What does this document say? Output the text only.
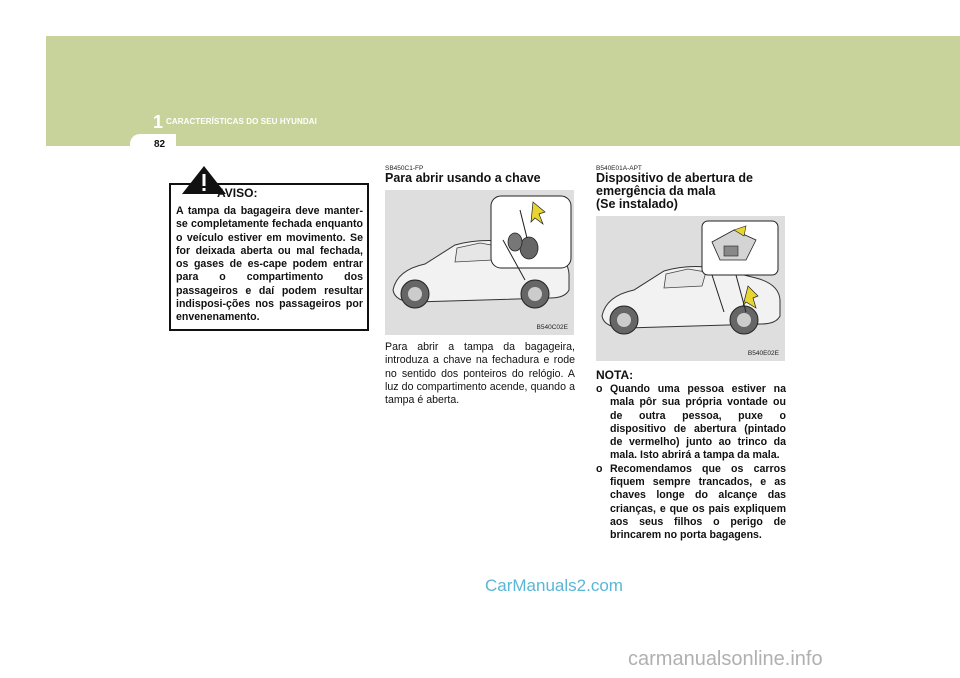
1 CARACTERÍSTICAS DO SEU HYUNDAI
82
A tampa da bagageira deve manter-se completamente fechada enquanto o veículo estiver em movimento. Se for deixada aberta ou mal fechada, os gases de es-cape podem entrar para o compartimento dos passageiros e daí podem resultar indisposi-ções nos passageiros por envenenamento.
AVISO:
SB450C1-FP
Para abrir usando a chave
B540C02E
Para abrir a tampa da bagageira, introduza a chave na fechadura e rode no sentido dos ponteiros do relógio. A luz do compartimento acende, quando a tampa é aberta.
B540E01A-APT
Dispositivo de abertura de
emergência da mala
(Se instalado)
B540E02E
NOTA:
o Quando uma pessoa estiver na mala pôr sua própria vontade ou de outra pessoa, puxe o dispositivo de abertura (pintado de vermelho) junto ao trinco da mala. Isto abrirá a tampa da mala.
o Recomendamos que os carros fiquem sempre trancados, e as chaves longe do alcançe das crianças, e que os pais expliquem aos seus filhos o perigo de brincarem no porta bagagens.
CarManuals2.com
carmanualsonline.info
